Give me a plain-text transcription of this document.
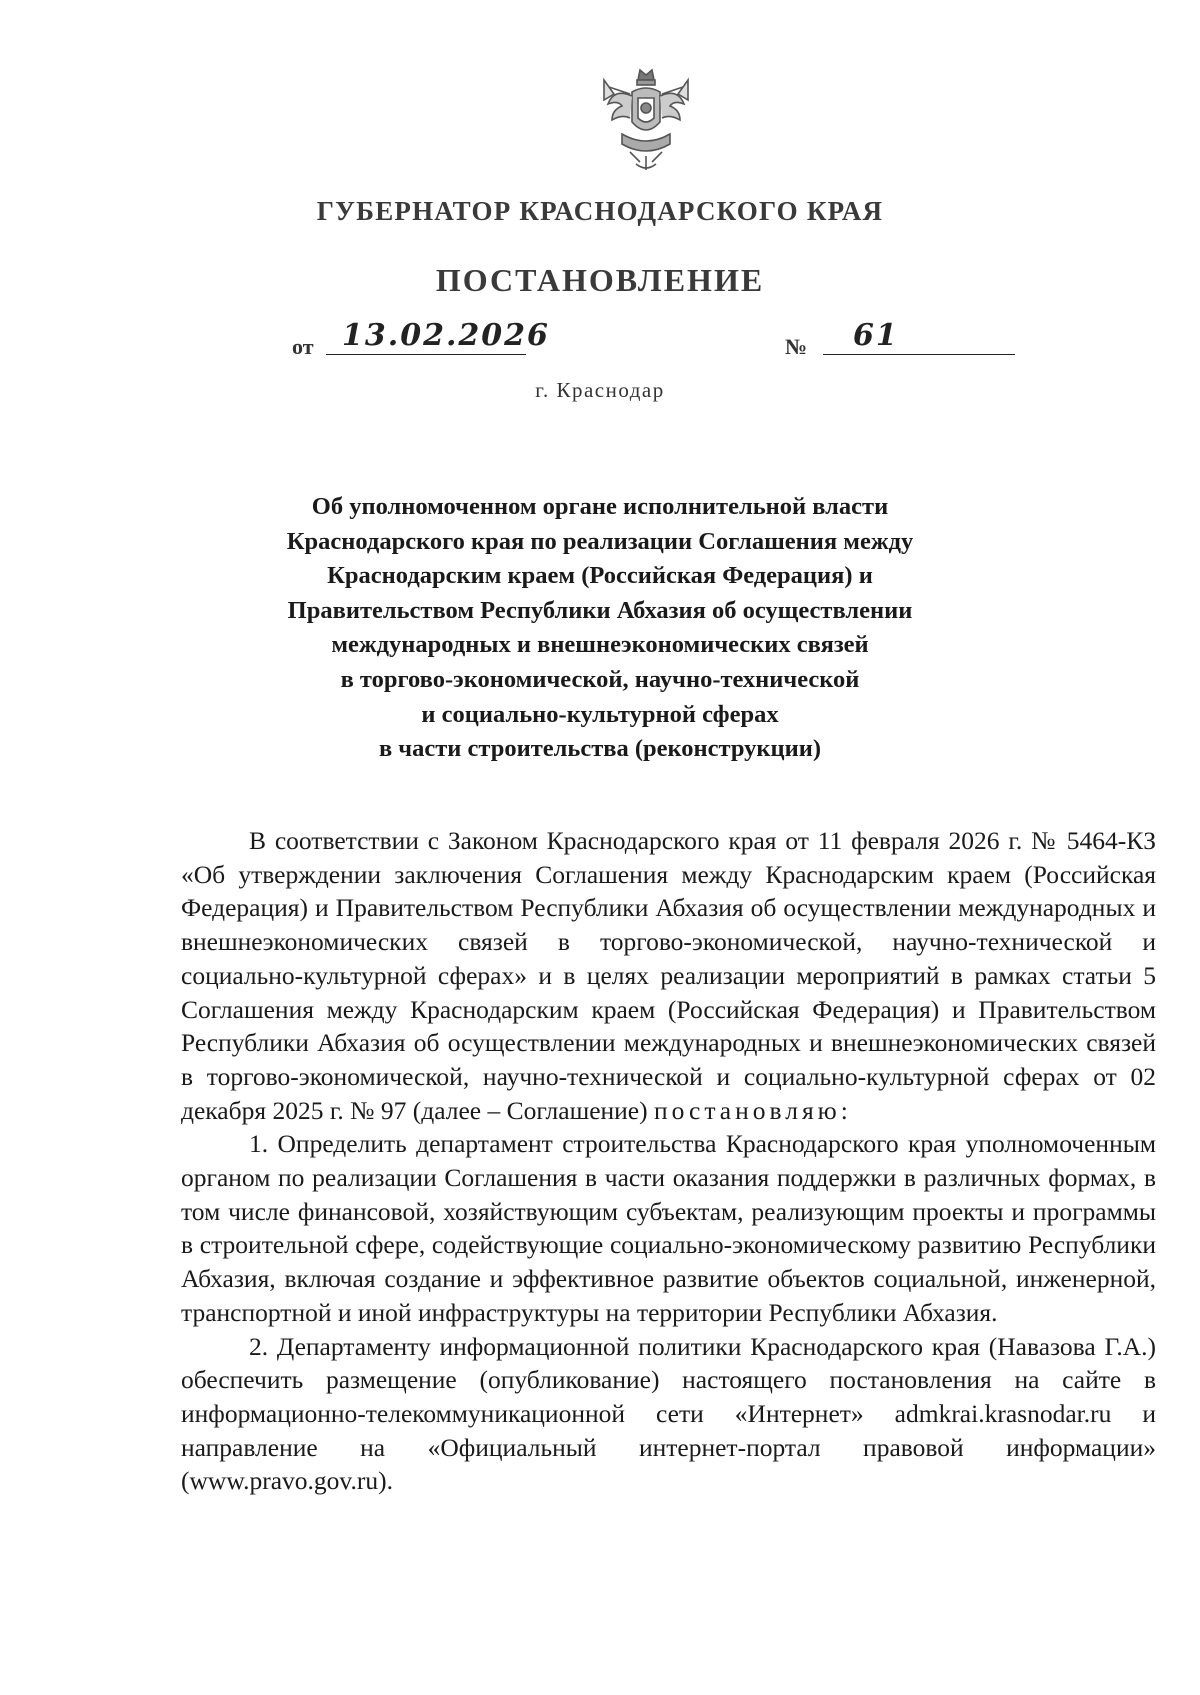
ГУБЕРНАТОР КРАСНОДАРСКОГО КРАЯ
ПОСТАНОВЛЕНИЕ
от 13.02.2026	№ 61
г. Краснодар
Об уполномоченном органе исполнительной власти
Краснодарского края по реализации Соглашения между
Краснодарским краем (Российская Федерация) и
Правительством Республики Абхазия об осуществлении
международных и внешнеэкономических связей
в торгово-экономической, научно-технической
и социально-культурной сферах
в части строительства (реконструкции)

В соответствии с Законом Краснодарского края от 11 февраля 2026 г. № 5464-КЗ «Об утверждении заключения Соглашения между Краснодарским краем (Российская Федерация) и Правительством Республики Абхазия об осуществлении международных и внешнеэкономических связей в торгово-экономической, научно-технической и социально-культурной сферах» и в целях реализации мероприятий в рамках статьи 5 Соглашения между Краснодарским краем (Российская Федерация) и Правительством Республики Абхазия об осуществлении международных и внешнеэкономических связей в торгово-экономической, научно-технической и социально-культурной сферах от 02 декабря 2025 г. № 97 (далее – Соглашение) постановляю:

1. Определить департамент строительства Краснодарского края уполномоченным органом по реализации Соглашения в части оказания поддержки в различных формах, в том числе финансовой, хозяйствующим субъектам, реализующим проекты и программы в строительной сфере, содействующие социально-экономическому развитию Республики Абхазия, включая создание и эффективное развитие объектов социальной, инженерной, транспортной и иной инфраструктуры на территории Республики Абхазия.

2. Департаменту информационной политики Краснодарского края (Навазова Г.А.) обеспечить размещение (опубликование) настоящего постановления на сайте в информационно-телекоммуникационной сети «Интернет» admkrai.krasnodar.ru и направление на «Официальный интернет-портал правовой информации» (www.pravo.gov.ru).
